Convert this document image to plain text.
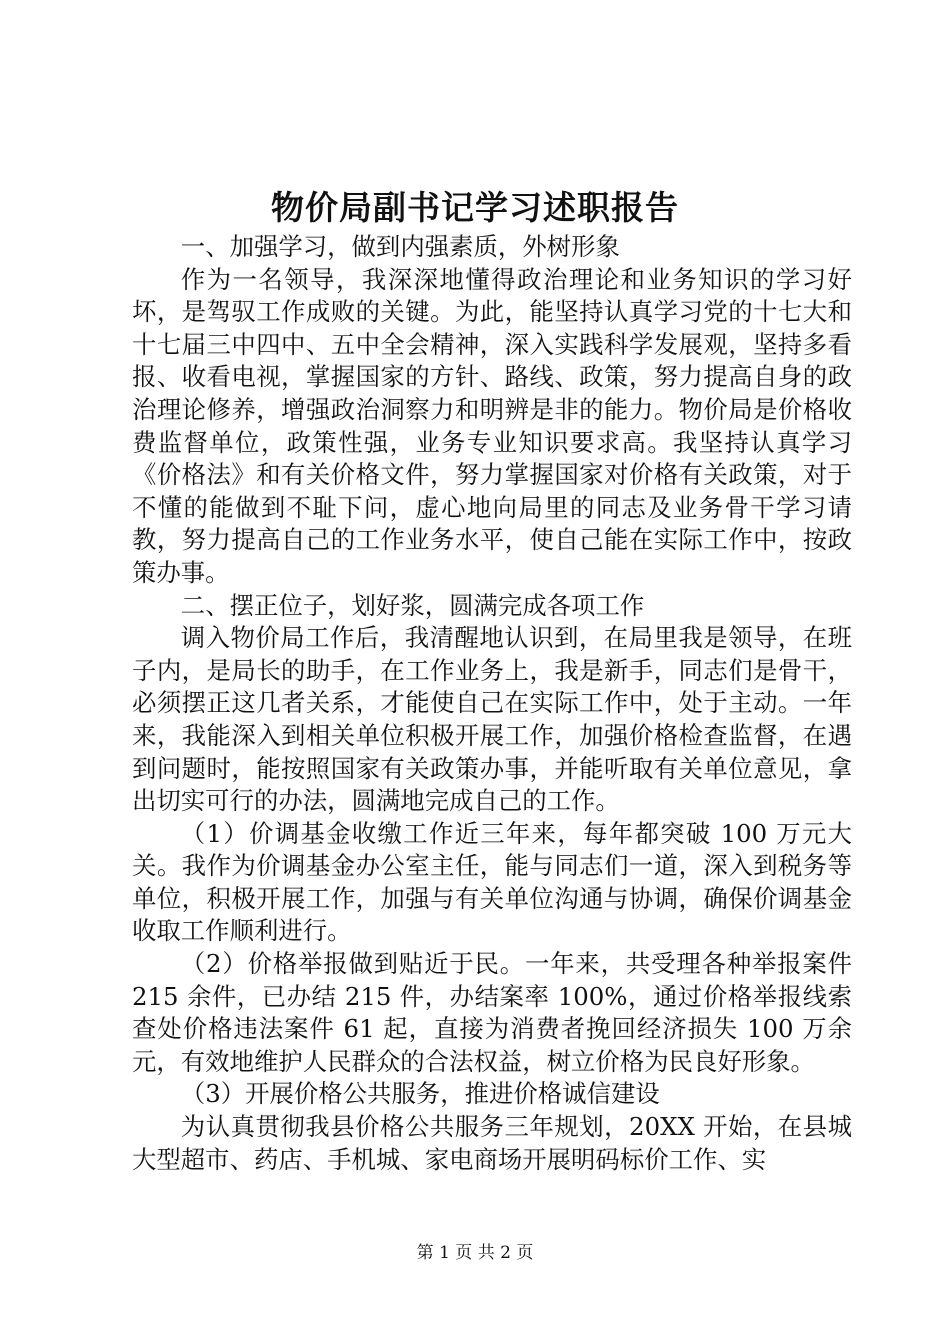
物价局副书记学习述职报告

一、加强学习，做到内强素质，外树形象

作为一名领导，我深深地懂得政治理论和业务知识的学习好坏，是驾驭工作成败的关键。为此，能坚持认真学习党的十七大和十七届三中四中、五中全会精神，深入实践科学发展观，坚持多看报、收看电视，掌握国家的方针、路线、政策，努力提高自身的政治理论修养，增强政治洞察力和明辨是非的能力。物价局是价格收费监督单位，政策性强，业务专业知识要求高。我坚持认真学习《价格法》和有关价格文件，努力掌握国家对价格有关政策，对于不懂的能做到不耻下问，虚心地向局里的同志及业务骨干学习请教，努力提高自己的工作业务水平，使自己能在实际工作中，按政策办事。

二、摆正位子，划好浆，圆满完成各项工作

调入物价局工作后，我清醒地认识到，在局里我是领导，在班子内，是局长的助手，在工作业务上，我是新手，同志们是骨干，必须摆正这几者关系，才能使自己在实际工作中，处于主动。一年来，我能深入到相关单位积极开展工作，加强价格检查监督，在遇到问题时，能按照国家有关政策办事，并能听取有关单位意见，拿出切实可行的办法，圆满地完成自己的工作。

（1）价调基金收缴工作近三年来，每年都突破 100 万元大关。我作为价调基金办公室主任，能与同志们一道，深入到税务等单位，积极开展工作，加强与有关单位沟通与协调，确保价调基金收取工作顺利进行。

（2）价格举报做到贴近于民。一年来，共受理各种举报案件 215 余件，已办结 215 件，办结案率 100%，通过价格举报线索查处价格违法案件 61 起，直接为消费者挽回经济损失 100 万余元，有效地维护人民群众的合法权益，树立价格为民良好形象。

（3）开展价格公共服务，推进价格诚信建设

为认真贯彻我县价格公共服务三年规划，20XX 开始，在县城大型超市、药店、手机城、家电商场开展明码标价工作、实

第 1 页 共 2 页
